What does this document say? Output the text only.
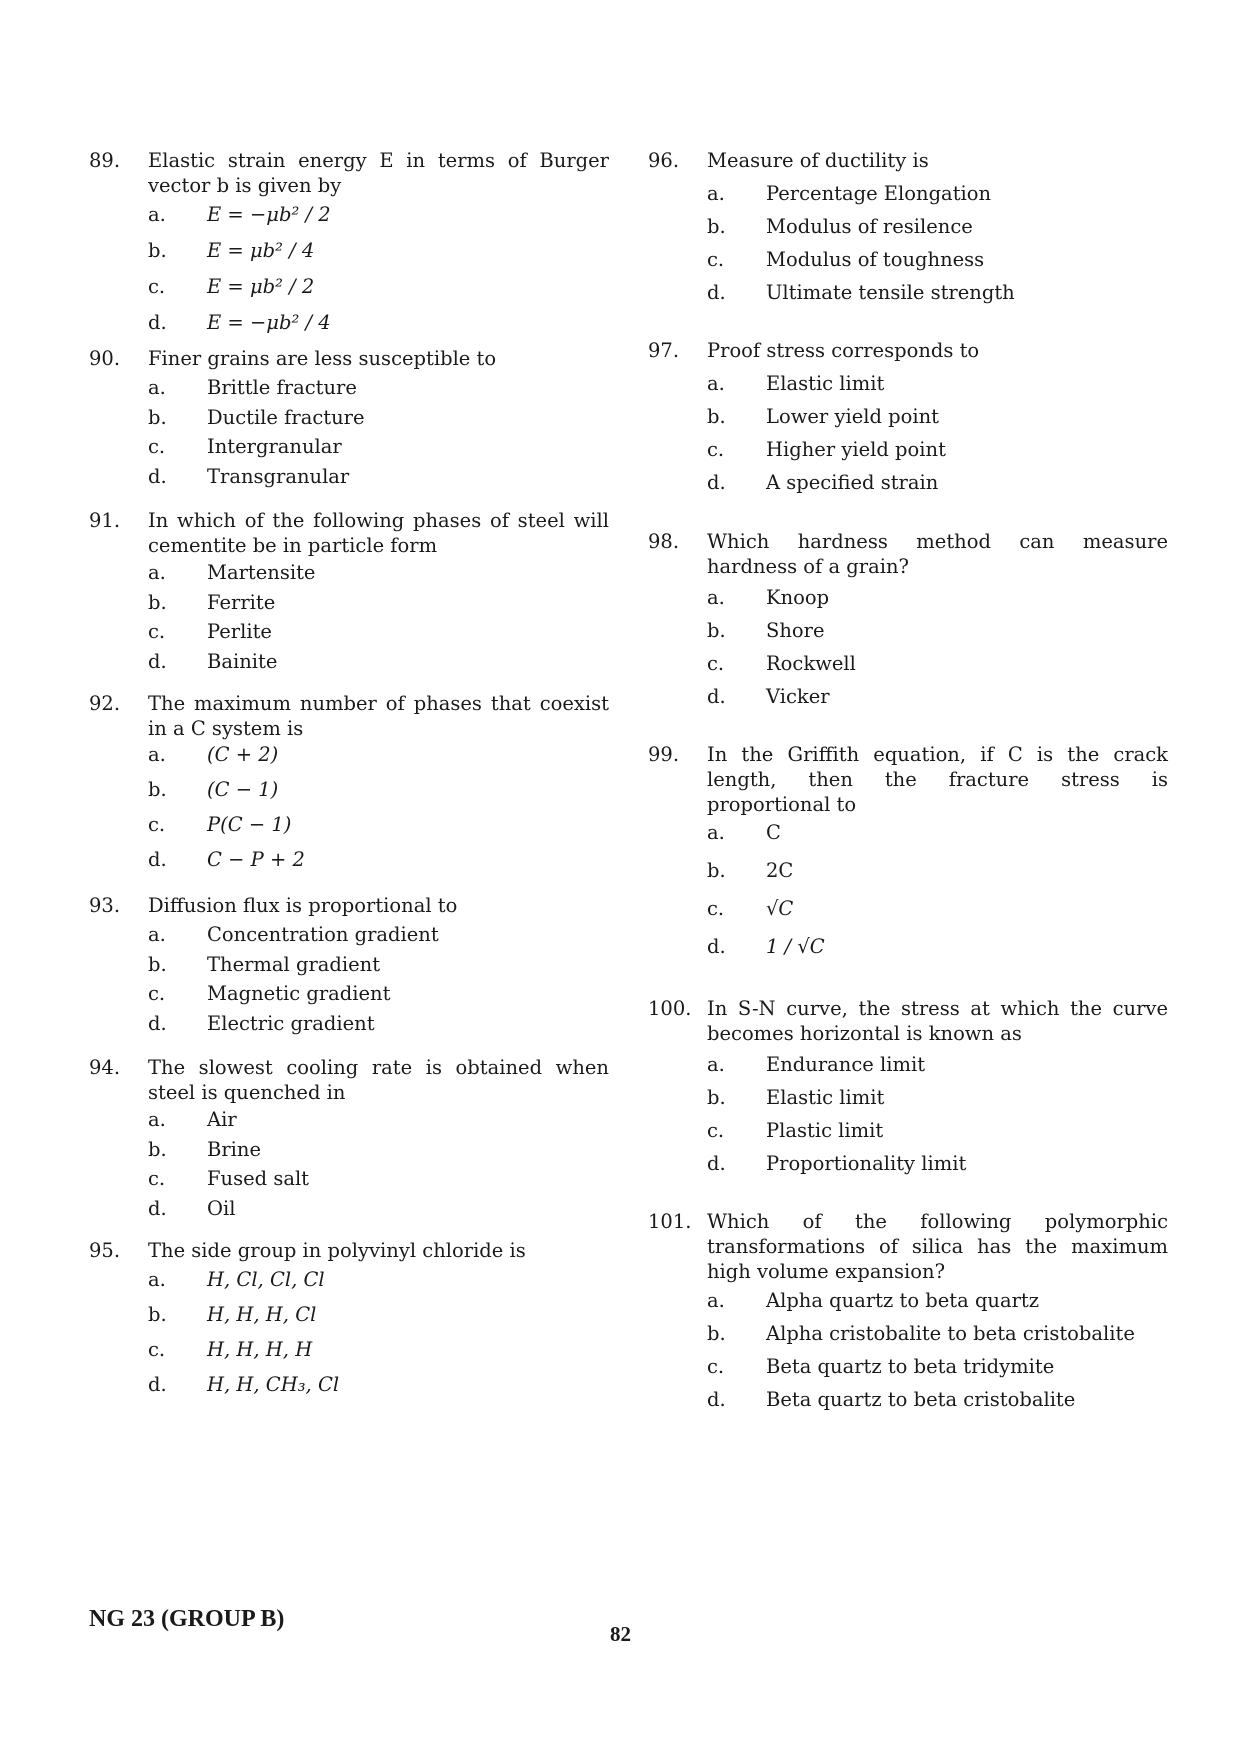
89.	Elastic strain energy E in terms of Burger vector b is given by
a.	E = −μb² / 2
b.	E = μb² / 4
c.	E = μb² / 2
d.	E = −μb² / 4
90.	Finer grains are less susceptible to
a.	Brittle fracture
b.	Ductile fracture
c.	Intergranular
d.	Transgranular
91.	In which of the following phases of steel will cementite be in particle form
a.	Martensite
b.	Ferrite
c.	Perlite
d.	Bainite
92.	The maximum number of phases that coexist in a C system is
a.	(C + 2)
b.	(C − 1)
c.	P(C − 1)
d.	C − P + 2
93.	Diffusion flux is proportional to
a.	Concentration gradient
b.	Thermal gradient
c.	Magnetic gradient
d.	Electric gradient
94.	The slowest cooling rate is obtained when steel is quenched in
a.	Air
b.	Brine
c.	Fused salt
d.	Oil
95.	The side group in polyvinyl chloride is
a.	H, Cl, Cl, Cl
b.	H, H, H, Cl
c.	H, H, H, H
d.	H, H, CH₃, Cl
96.	Measure of ductility is
a.	Percentage Elongation
b.	Modulus of resilence
c.	Modulus of toughness
d.	Ultimate tensile strength
97.	Proof stress corresponds to
a.	Elastic limit
b.	Lower yield point
c.	Higher yield point
d.	A specified strain
98.	Which hardness method can measure hardness of a grain?
a.	Knoop
b.	Shore
c.	Rockwell
d.	Vicker
99.	In the Griffith equation, if C is the crack length, then the fracture stress is proportional to
a.	C
b.	2C
c.	√C
d.	1 / √C
100. In S-N curve, the stress at which the curve becomes horizontal is known as
a.	Endurance limit
b.	Elastic limit
c.	Plastic limit
d.	Proportionality limit
101. Which of the following polymorphic transformations of silica has the maximum high volume expansion?
a.	Alpha quartz to beta quartz
b.	Alpha cristobalite to beta cristobalite
c.	Beta quartz to beta tridymite
d.	Beta quartz to beta cristobalite
NG 23 (GROUP B)
82
